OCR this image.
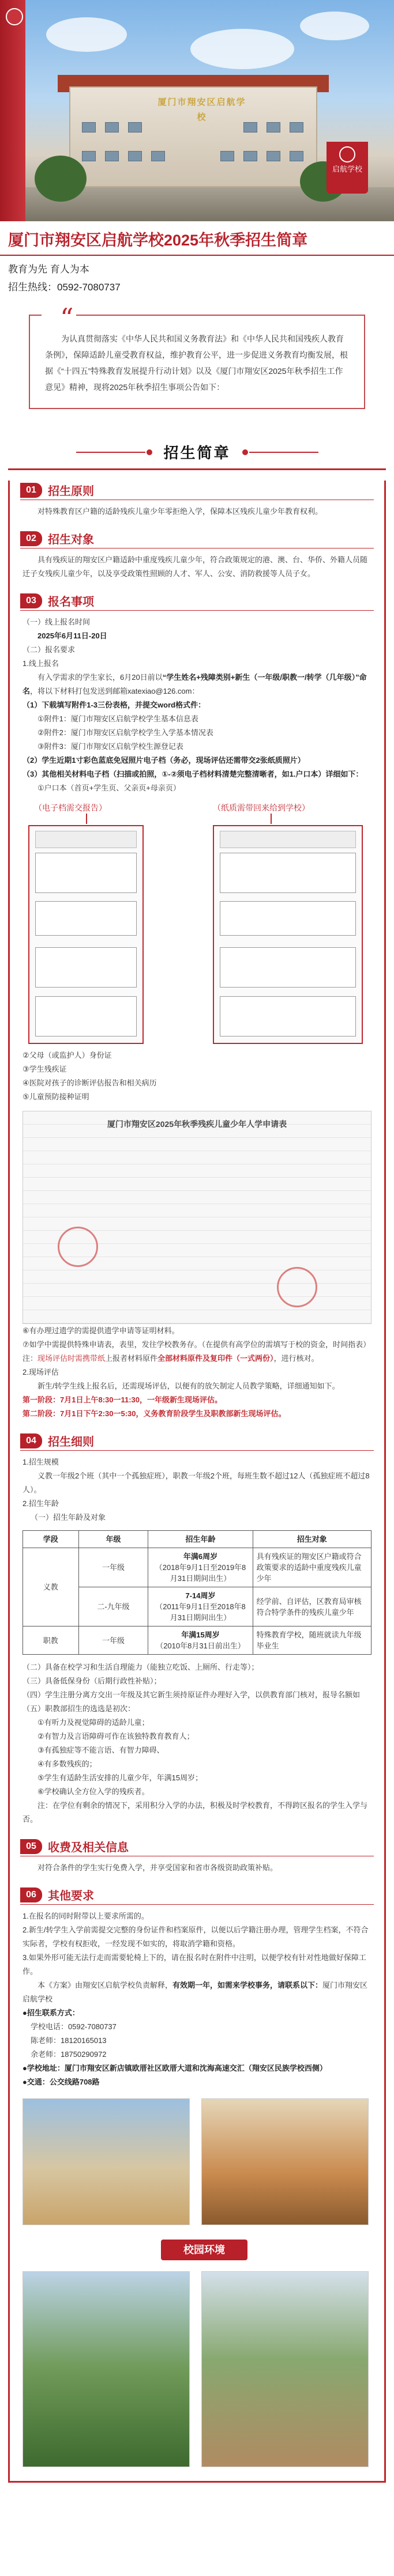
厦门市翔安区启航学校
启航学校
厦门市翔安区启航学校2025年秋季招生简章
教育为先 育人为本
招生热线：0592-7080737
“

为认真贯彻落实《中华人民共和国义务教育法》和《中华人民共和国残疾人教育条例》，保障适龄儿童受教育权益，维护教育公平，进一步促进义务教育均衡发展，根据《“十四五”特殊教育发展提升行动计划》以及《厦门市翔安区2025年秋季招生工作意见》精神，现将2025年秋季招生事项公告如下：

招生简章
01	招生原则

对特殊教育区户籍的适龄残疾儿童少年零拒绝入学，保障本区残疾儿童少年教育权利。

02	招生对象

具有残疾证的翔安区户籍适龄中重度残疾儿童少年，符合政策规定的港、澳、台、华侨、外籍人员随迁子女残疾儿童少年，以及享受政策性照顾的人才、军人、公安、消防救援等人员子女。

03	报名事项

（一）线上报名时间

2025年6月11日-20日

（二）报名要求

1.线上报名

有入学需求的学生家长，6月20日前以“学生姓名+残障类别+新生（一年级/职教一/转学（几年级）”命名，将以下材料打包发送到邮箱xatexiao@126.com：

（1）下载填写附件1-3三份表格，并提交word格式件：

①附件1：厦门市翔安区启航学校学生基本信息表

②附件2：厦门市翔安区启航学校学生入学基本情况表

③附件3：厦门市翔安区启航学校生源登记表

（2）学生近期1寸彩色蓝底免冠照片电子档（务必，现场评估还需带交2张纸质照片）

（3）其他相关材料电子档（扫描或拍照，①-②须电子档材料清楚完整清晰者，如1.户口本）详细如下：

①户口本（首页+学生页、父亲页+母亲页）

（电子档需交报告）	（纸质需带回来给到学校）

②父母（或监护人）身份证

③学生残疾证

④医院对孩子的诊断评估报告和相关病历

⑤儿童预防接种证明

厦门市翔安区2025年秋季残疾儿童少年人学申请表

⑥有办理过遗学的需提供遗学申请等证明材料。

⑦如学中需提供特殊申请表，表里，发往学校教务存。（在提供有高学位的需填写于校的资金，时间指表）

注：现场评估时需携带纸上报者材料原件全部材料原件及复印件（一式两份），进行核对。

2.现场评估

新生/转学生线上报名后，还需现场评估，以便有的放矢制定人员教学策略，详细通知如下。

第一阶段：7月1日上午8:30一11:30，一年级新生现场评估。

第二阶段：7月1日下午2:30一5:30，义务教育阶段学生及职教部新生现场评估。

04	招生细则

1.招生规模

义教一年级2个班（其中一个孤独症班），职教一年级2个班，每班生数不超过12人（孤独症班不超过8人）。

2.招生年龄

（一）招生年龄及对象

学段	年级	招生年龄	招生对象
义教	一年级	年满6周岁
（2018年9月1日至2019年8月31日期间出生）	具有残疾证的翔安区户籍或符合政策要求的适龄中重度残疾儿童少年
	二-九年级	7-14周岁
（2011年9月1日至2018年8月31日期间出生）	经学前、自评估，区教育局审核符合特学条件的残疾儿童少年
职教	一年级	年满15周岁
（2010年8月31日前出生）	特殊教育学校，随班就读九年级毕业生

（二）具备在校学习和生活自理能力（能独立吃饭、上厕所、行走等）；

（三）具备低保身份（后期行政性补贴）；

（四）学生注册分离方交出一年级及其它新生须持原证件办理好入学，以供教育部门核对，报导名额如

（五）职教部招生的选选是初次：

①有听力及视觉障碍的适龄儿童；

②有智力及言语障碍可作在该独特教育教育人；

③有孤独症等不能言语、有智力障碍、

④有多数残疾的；

⑤学生有适龄生活安排的儿童少年，年满15周岁；

⑥学校确认全方位入学的残疾者。

注：在学位有剩余的情况下，采用积分入学的办法，积极及时学校教育，不得跨区报名的学生入学与否。

05	收费及相关信息

对符合条件的学生实行免费入学，并享受国家和省市各级资助政策补贴。

06	其他要求

1.在报名的同时附带以上要求所需的。

2.新生/转学生入学前需提交完整的身份证件和档案原件，以便以后学籍注册办理，管理学生档案，不符合实际者，学校有权拒收，一经发现不如实的，将取消学籍和资格。

3.如果外形可能无法行走而需要轮椅上下的，请在报名时在附件中注明，以便学校有针对性地做好保障工作。

本《方案》由翔安区启航学校负责解释，有效期一年，如需来学校事务，请联系以下：厦门市翔安区启航学校

●招生联系方式：

学校电话：0592-7080737

陈老师：18120165013

余老师：18750290972

●学校地址：厦门市翔安区新店镇欧厝社区欧厝大道和沈海高速交汇（翔安区民族学校西侧）

●交通：公交线路708路

校园环境
